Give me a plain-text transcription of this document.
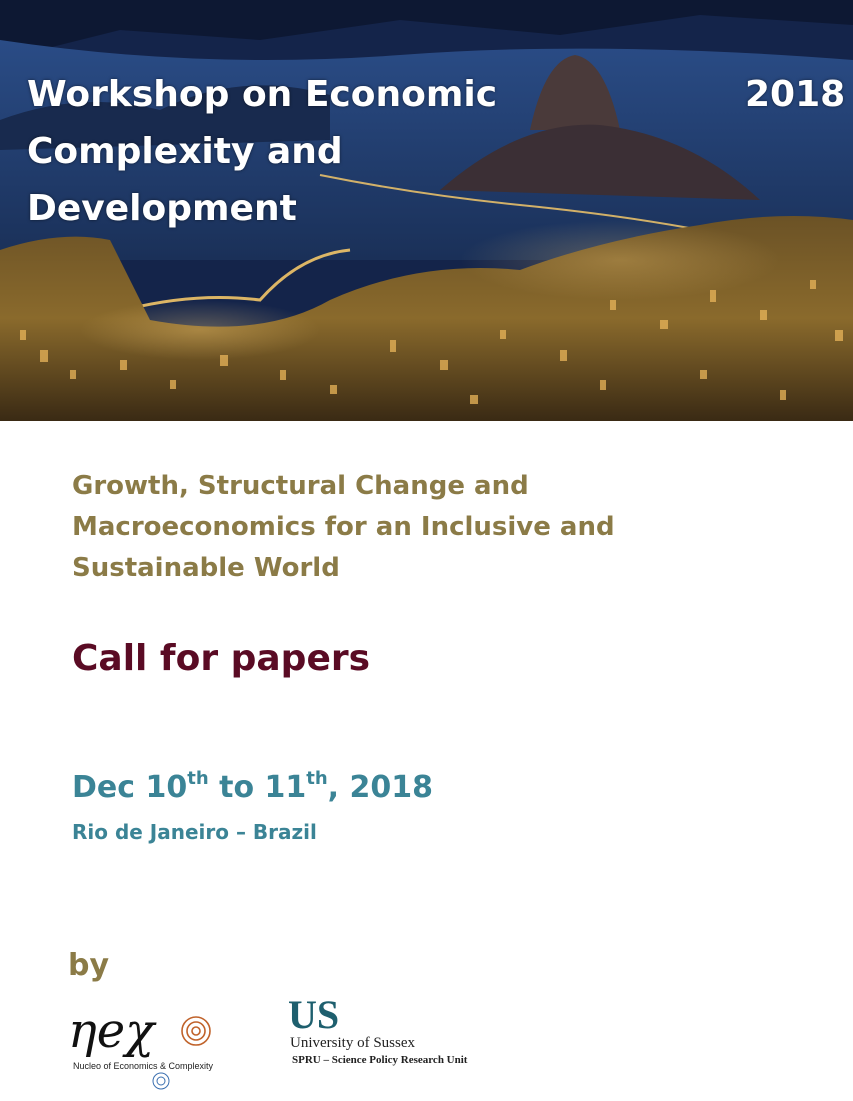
Workshop on Economic
Complexity and
Development
2018
Growth, Structural Change and
Macroeconomics for an Inclusive and
Sustainable World
Call for papers
Dec 10th to 11th, 2018
Rio de Janeiro – Brazil
by
ηeχ
Nucleo of Economics & Complexity
US
University of Sussex
SPRU – Science Policy Research Unit
